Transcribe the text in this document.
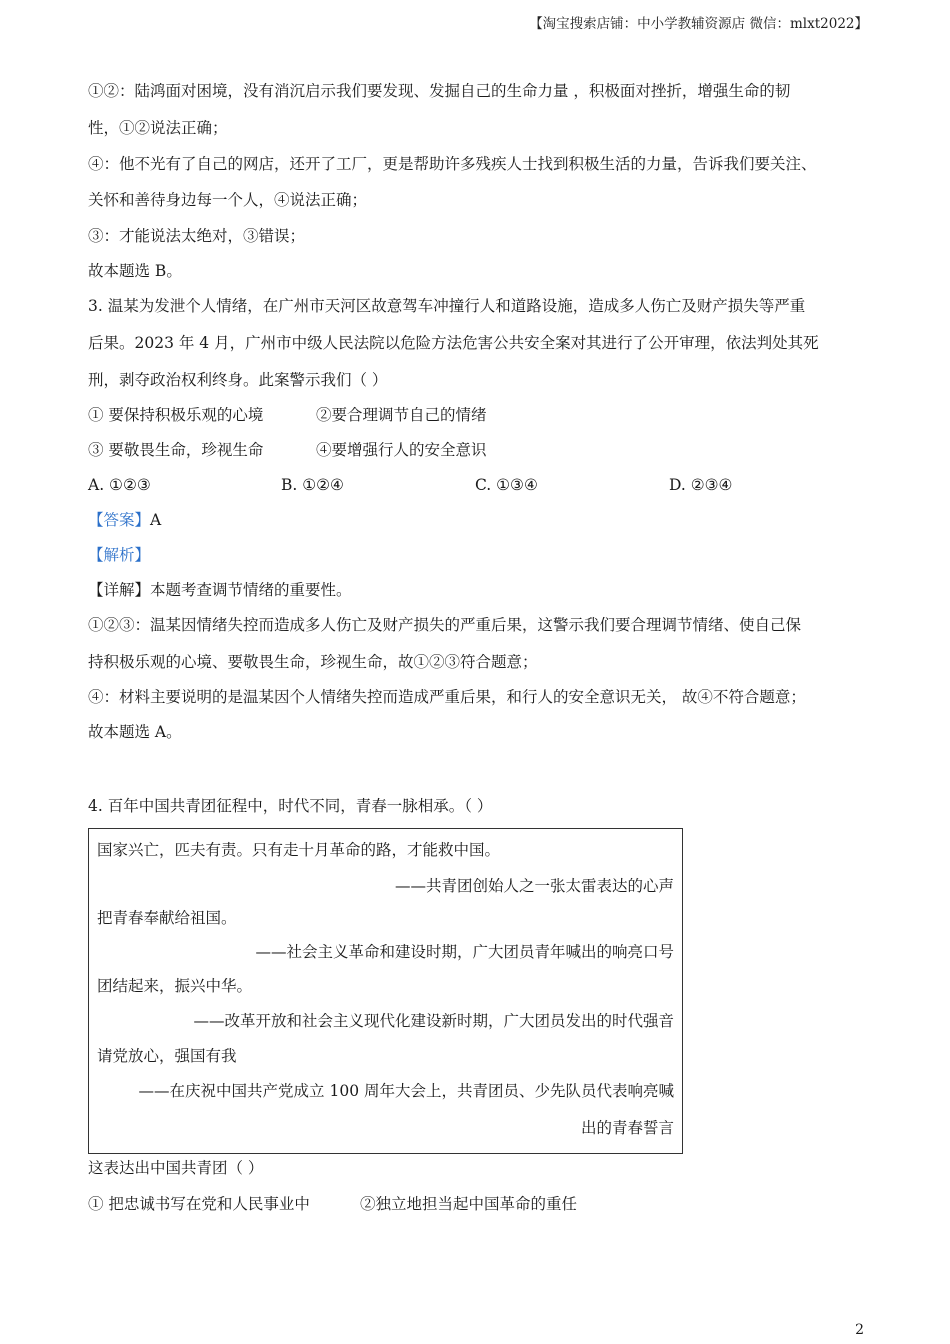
【淘宝搜索店铺：中小学教辅资源店 微信：mlxt2022】
①②：陆鸿面对困境，没有消沉启示我们要发现、发掘自己的生命力量 ，积极面对挫折，增强生命的韧
性，①②说法正确；
④：他不光有了自己的网店，还开了工厂，更是帮助许多残疾人士找到积极生活的力量，告诉我们要关注、
关怀和善待身边每一个人，④说法正确；
③：才能说法太绝对，③错误；
故本题选 B。
3. 温某为发泄个人情绪，在广州市天河区故意驾车冲撞行人和道路设施，造成多人伤亡及财产损失等严重
后果。2023 年 4 月，广州市中级人民法院以危险方法危害公共安全案对其进行了公开审理，依法判处其死
刑，剥夺政治权利终身。此案警示我们（ ）
① 要保持积极乐观的心境	②要合理调节自己的情绪
③ 要敬畏生命，珍视生命	④要增强行人的安全意识
A. ①②③	B. ①②④	C. ①③④	D. ②③④
【答案】A
【解析】
【详解】本题考查调节情绪的重要性。
①②③：温某因情绪失控而造成多人伤亡及财产损失的严重后果，这警示我们要合理调节情绪、使自己保
持积极乐观的心境、要敬畏生命，珍视生命，故①②③符合题意；
④：材料主要说明的是温某因个人情绪失控而造成严重后果，和行人的安全意识无关， 故④不符合题意；
故本题选 A。
4. 百年中国共青团征程中，时代不同，青春一脉相承。（ ）
国家兴亡，匹夫有责。只有走十月革命的路，才能救中国。
——共青团创始人之一张太雷表达的心声
把青春奉献给祖国。
——社会主义革命和建设时期，广大团员青年喊出的响亮口号
团结起来，振兴中华。
——改革开放和社会主义现代化建设新时期，广大团员发出的时代强音
请党放心，强国有我
——在庆祝中国共产党成立 100 周年大会上，共青团员、少先队员代表响亮喊
出的青春誓言
这表达出中国共青团（ ）
① 把忠诚书写在党和人民事业中	②独立地担当起中国革命的重任
2
